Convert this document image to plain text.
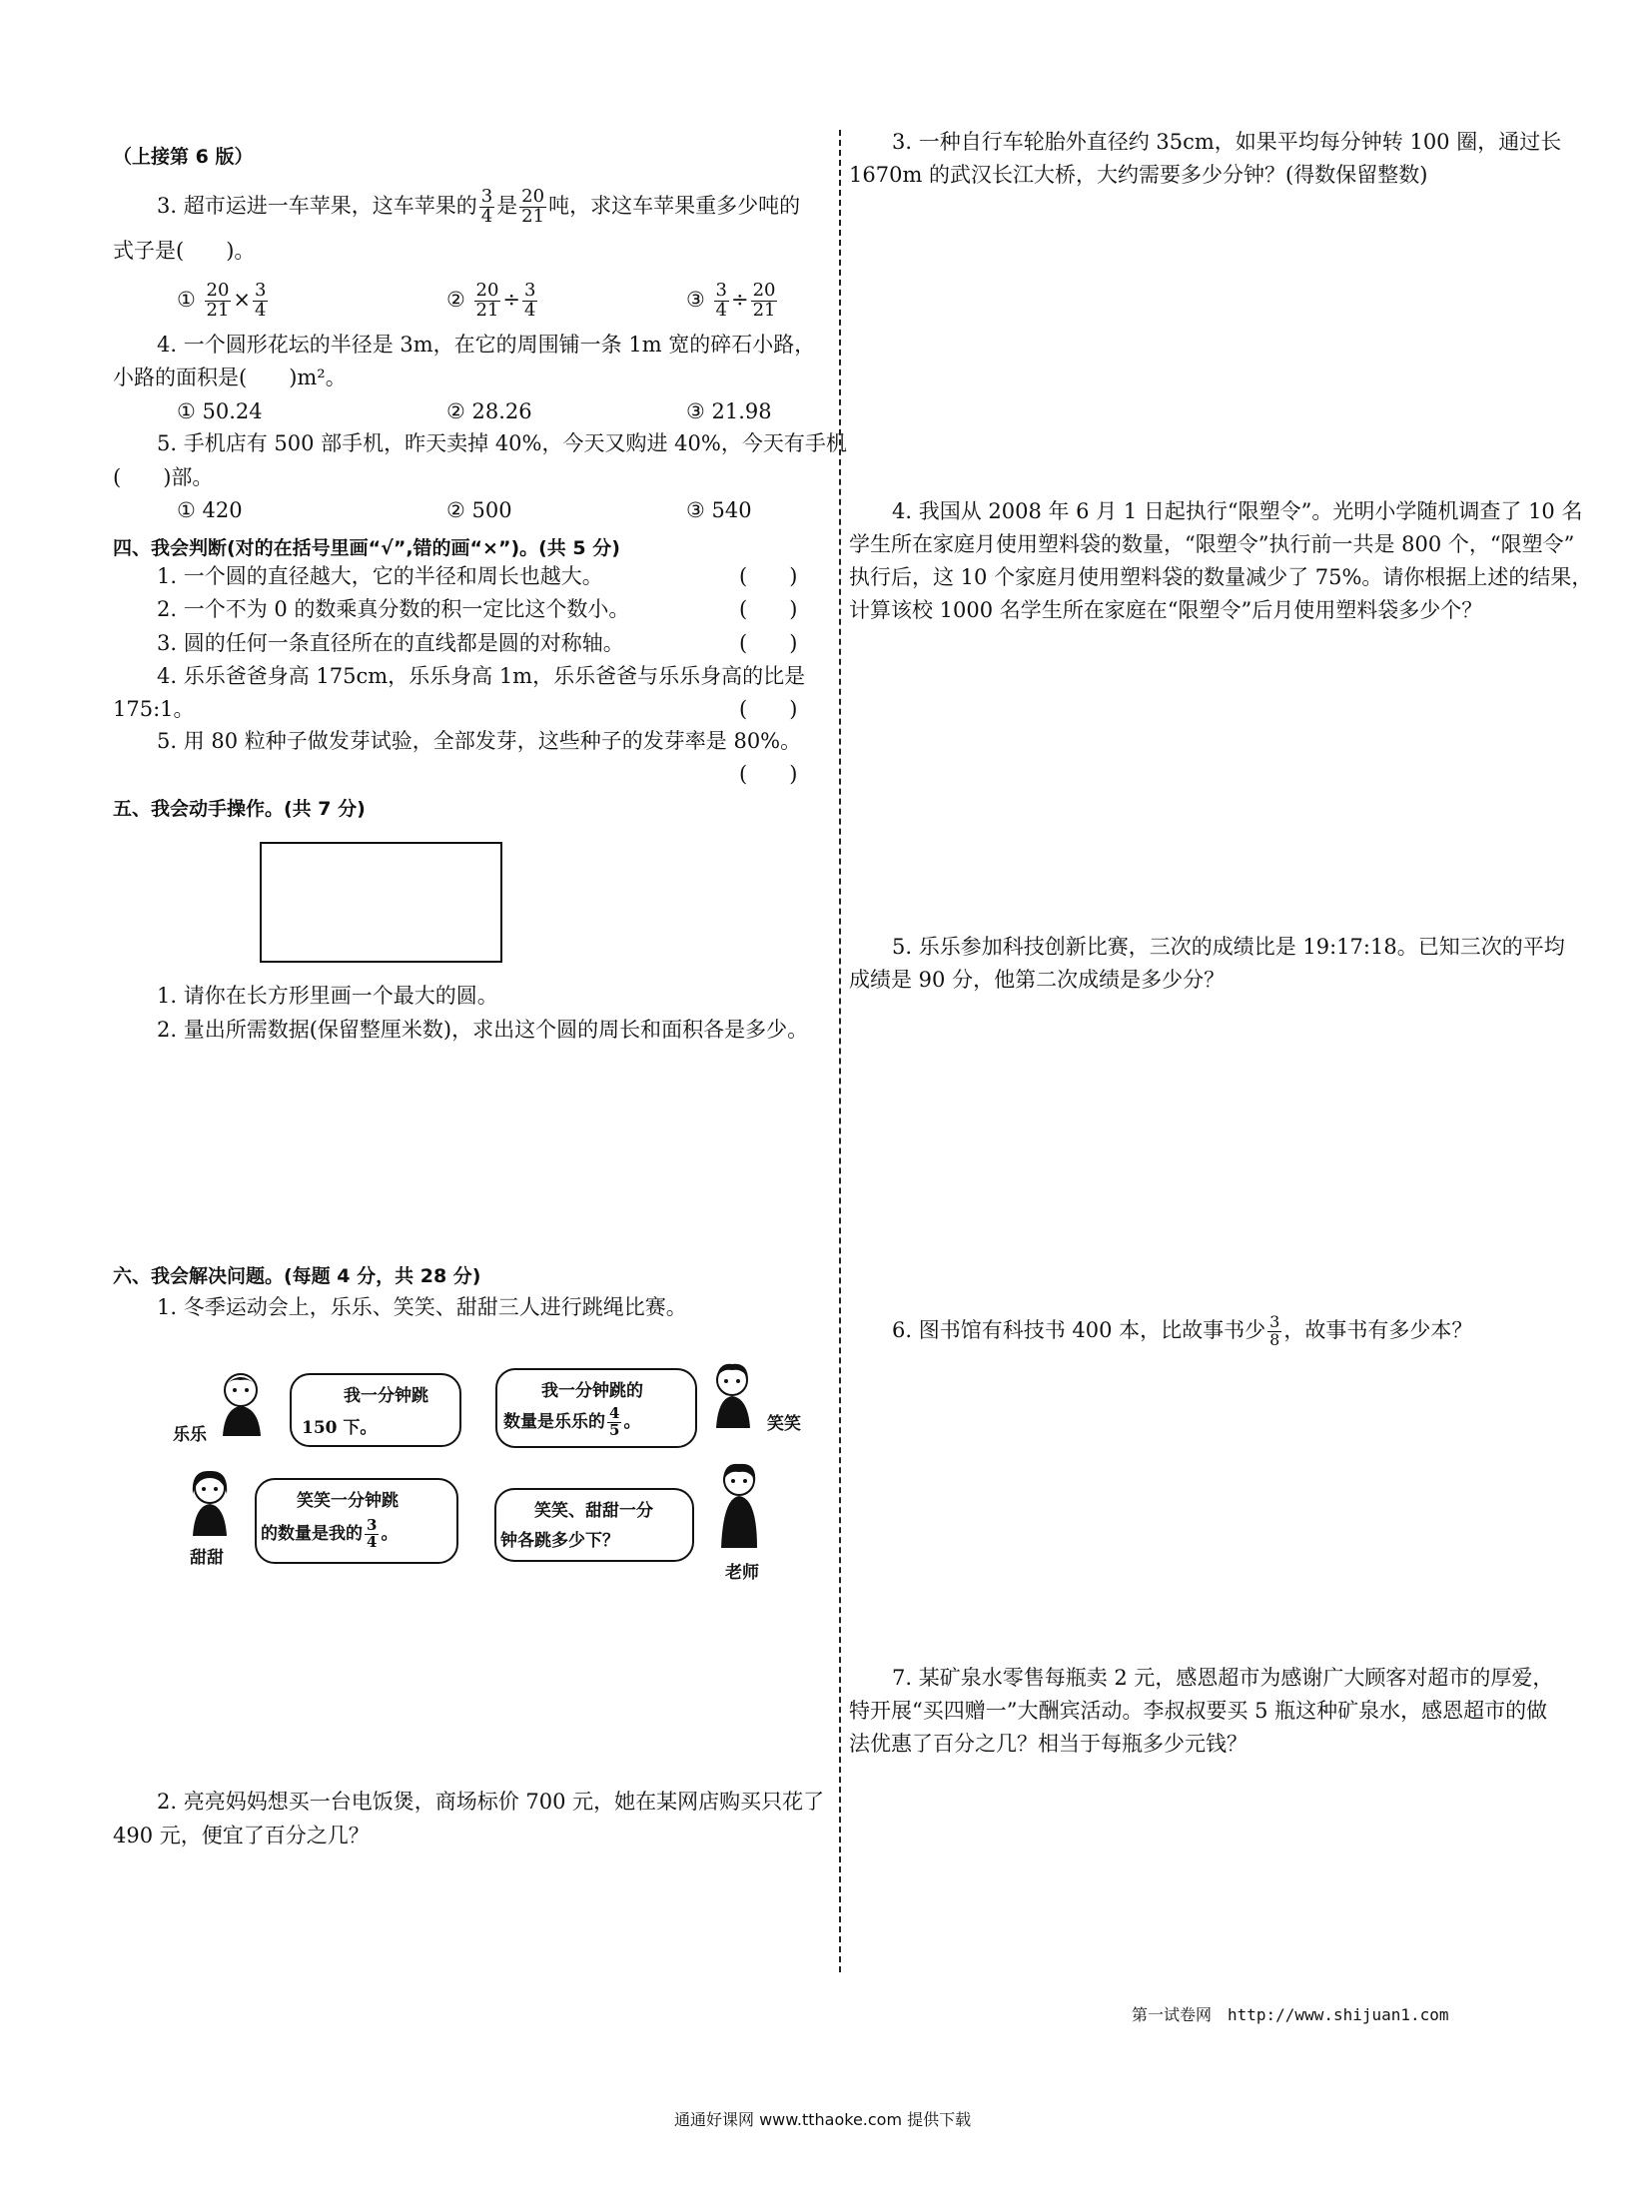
（上接第 6 版）
3. 超市运进一车苹果，这车苹果的 $\frac{3}{4}$ 是 $\frac{20}{21}$ 吨，求这车苹果重多少吨的
式子是(　　)。
① $\frac{20}{21} \times \frac{3}{4}$	② $\frac{20}{21} \div \frac{3}{4}$	③ $\frac{3}{4} \div \frac{20}{21}$
4. 一个圆形花坛的半径是 3m，在它的周围铺一条 1m 宽的碎石小路，
小路的面积是(　　)m²。
① 50.24	② 28.26	③ 21.98
5. 手机店有 500 部手机，昨天卖掉 40%，今天又购进 40%，今天有手机
(　　)部。
① 420	② 500	③ 540
四、我会判断(对的在括号里画“√”,错的画“×”)。(共 5 分)
1. 一个圆的直径越大，它的半径和周长也越大。	(　　)
2. 一个不为 0 的数乘真分数的积一定比这个数小。	(　　)
3. 圆的任何一条直径所在的直线都是圆的对称轴。	(　　)
4. 乐乐爸爸身高 175cm，乐乐身高 1m，乐乐爸爸与乐乐身高的比是
175:1。	(　　)
5. 用 80 粒种子做发芽试验，全部发芽，这些种子的发芽率是 80%。
(　　)
五、我会动手操作。(共 7 分)
1. 请你在长方形里画一个最大的圆。
2. 量出所需数据(保留整厘米数)，求出这个圆的周长和面积各是多少。
六、我会解决问题。(每题 4 分，共 28 分)
1. 冬季运动会上，乐乐、笑笑、甜甜三人进行跳绳比赛。
乐乐
我一分钟跳
150 下。
我一分钟跳的
数量是乐乐的 $\frac{4}{5}$ 。	笑笑
甜甜
笑笑一分钟跳
的数量是我的 $\frac{3}{4}$ 。
笑笑、甜甜一分
钟各跳多少下？
老师
2. 亮亮妈妈想买一台电饭煲，商场标价 700 元，她在某网店购买只花了
490 元，便宜了百分之几？
3. 一种自行车轮胎外直径约 35cm，如果平均每分钟转 100 圈，通过长
1670m 的武汉长江大桥，大约需要多少分钟？(得数保留整数)
4. 我国从 2008 年 6 月 1 日起执行“限塑令”。光明小学随机调查了 10 名
学生所在家庭月使用塑料袋的数量，“限塑令”执行前一共是 800 个，“限塑令”
执行后，这 10 个家庭月使用塑料袋的数量减少了 75%。请你根据上述的结果，
计算该校 1000 名学生所在家庭在“限塑令”后月使用塑料袋多少个？
5. 乐乐参加科技创新比赛，三次的成绩比是 19:17:18。已知三次的平均
成绩是 90 分，他第二次成绩是多少分？
6. 图书馆有科技书 400 本，比故事书少 $\frac{3}{8}$ ，故事书有多少本？
7. 某矿泉水零售每瓶卖 2 元，感恩超市为感谢广大顾客对超市的厚爱，
特开展“买四赠一”大酬宾活动。李叔叔要买 5 瓶这种矿泉水，感恩超市的做
法优惠了百分之几？相当于每瓶多少元钱？
第一试卷网　http://www.shijuan1.com
通通好课网 www.tthaoke.com 提供下载
